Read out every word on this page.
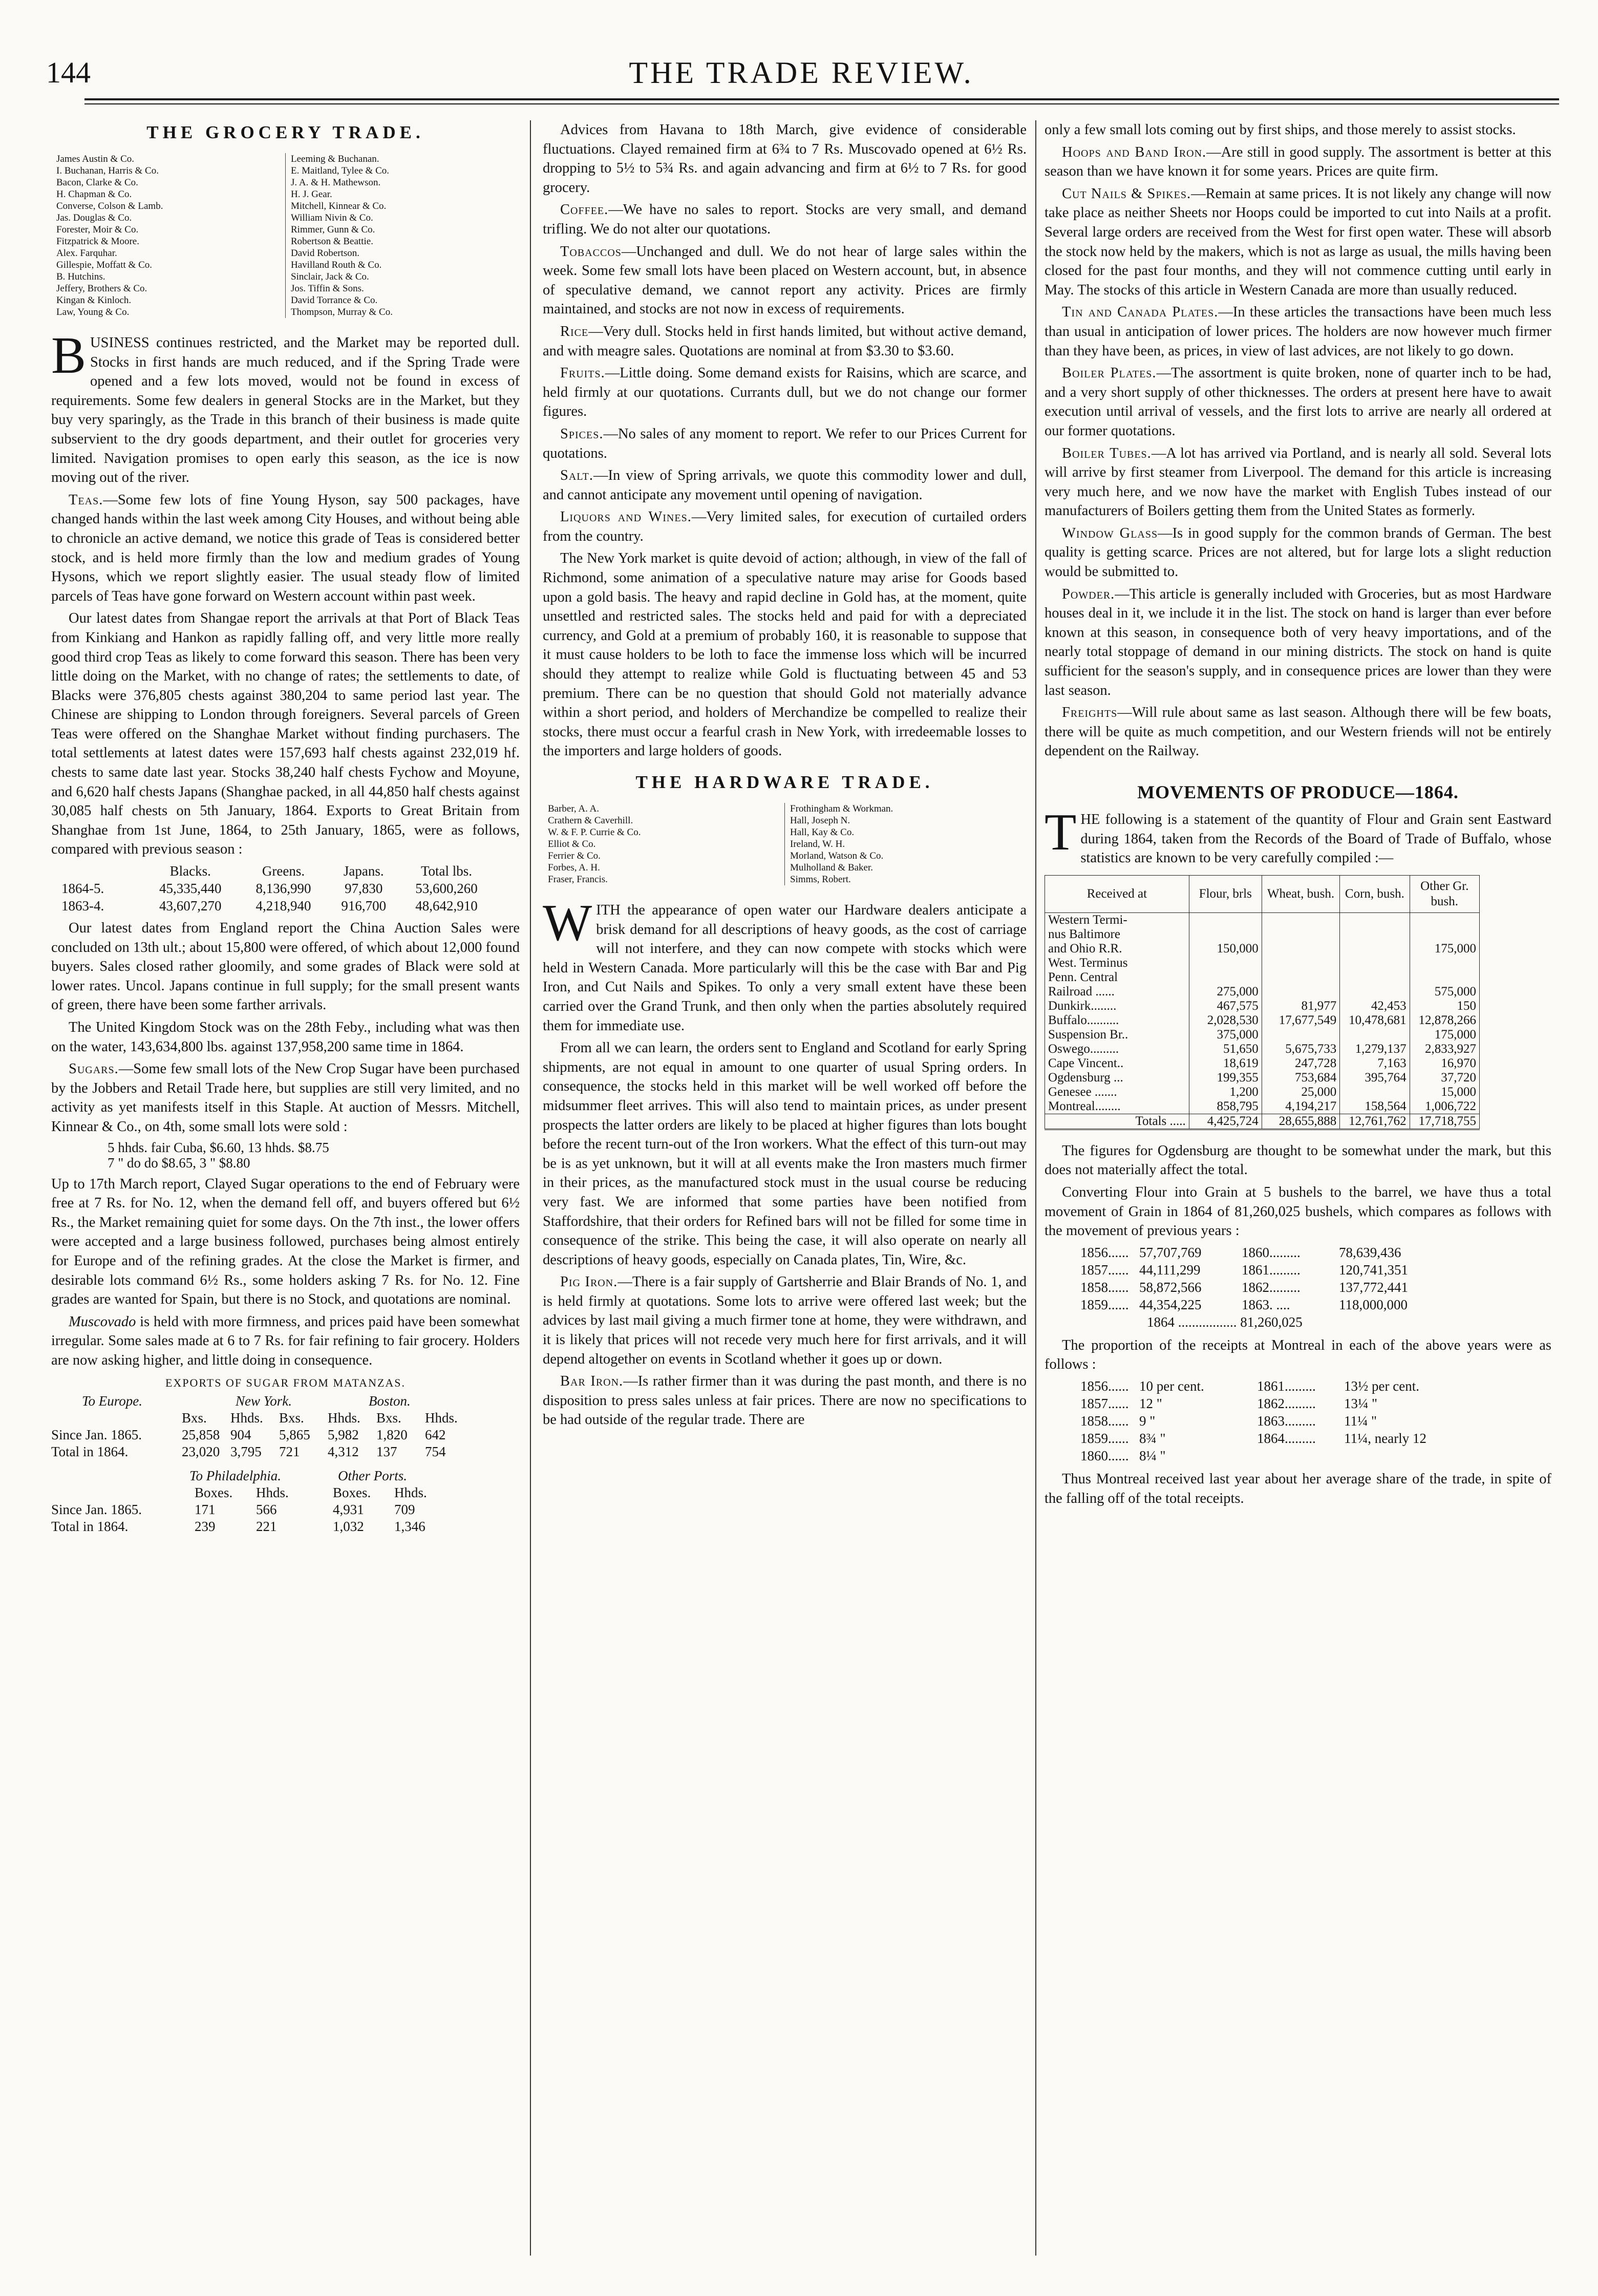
144	THE TRADE REVIEW.
THE GROCERY TRADE.
James Austin & Co.
I. Buchanan, Harris & Co.
Bacon, Clarke & Co.
H. Chapman & Co.
Converse, Colson & Lamb.
Jas. Douglas & Co.
Forester, Moir & Co.
Fitzpatrick & Moore.
Alex. Farquhar.
Gillespie, Moffatt & Co.
B. Hutchins.
Jeffery, Brothers & Co.
Kingan & Kinloch.
Law, Young & Co.
Leeming & Buchanan.
E. Maitland, Tylee & Co.
J. A. & H. Mathewson.
H. J. Gear.
Mitchell, Kinnear & Co.
William Nivin & Co.
Rimmer, Gunn & Co.
Robertson & Beattie.
David Robertson.
Havilland Routh & Co.
Sinclair, Jack & Co.
Jos. Tiffin & Sons.
David Torrance & Co.
Thompson, Murray & Co.

BUSINESS continues restricted, and the Market may be reported dull. Stocks in first hands are much reduced, and if the Spring Trade were opened and a few lots moved, would not be found in excess of requirements. Some few dealers in general Stocks are in the Market, but they buy very sparingly, as the Trade in this branch of their business is made quite subservient to the dry goods department, and their outlet for groceries very limited. Navigation promises to open early this season, as the ice is now moving out of the river.

Teas.—Some few lots of fine Young Hyson, say 500 packages, have changed hands within the last week among City Houses, and without being able to chronicle an active demand, we notice this grade of Teas is considered better stock, and is held more firmly than the low and medium grades of Young Hysons, which we report slightly easier. The usual steady flow of limited parcels of Teas have gone forward on Western account within past week.

Our latest dates from Shangae report the arrivals at that Port of Black Teas from Kinkiang and Hankon as rapidly falling off, and very little more really good third crop Teas as likely to come forward this season. There has been very little doing on the Market, with no change of rates; the settlements to date, of Blacks were 376,805 chests against 380,204 to same period last year. The Chinese are shipping to London through foreigners. Several parcels of Green Teas were offered on the Shanghae Market without finding purchasers. The total settlements at latest dates were 157,693 half chests against 232,019 hf. chests to same date last year. Stocks 38,240 half chests Fychow and Moyune, and 6,620 half chests Japans (Shanghae packed, in all 44,850 half chests against 30,085 half chests on 5th January, 1864. Exports to Great Britain from Shanghae from 1st June, 1864, to 25th January, 1865, were as follows, compared with previous season :

Blacks.	Greens.	Japans.	Total lbs.
1864-5.	45,335,440 8,136,990 97,830 53,600,260
1863-4.	43,607,270 4,218,940 916,700 48,642,910

Our latest dates from England report the China Auction Sales were concluded on 13th ult.; about 15,800 were offered, of which about 12,000 found buyers. Sales closed rather gloomily, and some grades of Black were sold at lower rates. Uncol. Japans continue in full supply; for the small present wants of green, there have been some farther arrivals.

The United Kingdom Stock was on the 28th Feby., including what was then on the water, 143,634,800 lbs. against 137,958,200 same time in 1864.

Sugars.—Some few small lots of the New Crop Sugar have been purchased by the Jobbers and Retail Trade here, but supplies are still very limited, and no activity as yet manifests itself in this Staple. At auction of Messrs. Mitchell, Kinnear & Co., on 4th, some small lots were sold :

5 hhds. fair Cuba, $6.60, 13 hhds. $8.75
7 " do do $8.65, 3 " $8.80

Up to 17th March report, Clayed Sugar operations to the end of February were free at 7 Rs. for No. 12, when the demand fell off, and buyers offered but 6½ Rs., the Market remaining quiet for some days. On the 7th inst., the lower offers were accepted and a large business followed, purchases being almost entirely for Europe and of the refining grades. At the close the Market is firmer, and desirable lots command 6½ Rs., some holders asking 7 Rs. for No. 12. Fine grades are wanted for Spain, but there is no Stock, and quotations are nominal.

Muscovado is held with more firmness, and prices paid have been somewhat irregular. Some sales made at 6 to 7 Rs. for fair refining to fair grocery. Holders are now asking higher, and little doing in consequence.

EXPORTS OF SUGAR FROM MATANZAS.
To Europe.	New York.	Boston.
Bxs.	Hhds.	Bxs.	Hhds.	Bxs.	Hhds.
Since Jan. 1865.	25,858 904	5,865	5,982	1,820	642
Total in 1864.	23,020 3,795	721	4,312	137	754
To Philadelphia.	Other Ports.
Boxes.	Hhds.	Boxes.	Hhds.
Since Jan. 1865.	171	566	4,931	709
Total in 1864.	239	221	1,032	1,346

Advices from Havana to 18th March, give evidence of considerable fluctuations. Clayed remained firm at 6¾ to 7 Rs. Muscovado opened at 6½ Rs. dropping to 5½ to 5¾ Rs. and again advancing and firm at 6½ to 7 Rs. for good grocery.

Coffee.—We have no sales to report. Stocks are very small, and demand trifling. We do not alter our quotations.

Tobaccos—Unchanged and dull. We do not hear of large sales within the week. Some few small lots have been placed on Western account, but, in absence of speculative demand, we cannot report any activity. Prices are firmly maintained, and stocks are not now in excess of requirements.

Rice—Very dull. Stocks held in first hands limited, but without active demand, and with meagre sales. Quotations are nominal at from $3.30 to $3.60.

Fruits.—Little doing. Some demand exists for Raisins, which are scarce, and held firmly at our quotations. Currants dull, but we do not change our former figures.

Spices.—No sales of any moment to report. We refer to our Prices Current for quotations.

Salt.—In view of Spring arrivals, we quote this commodity lower and dull, and cannot anticipate any movement until opening of navigation.

Liquors and Wines.—Very limited sales, for execution of curtailed orders from the country.

The New York market is quite devoid of action; although, in view of the fall of Richmond, some animation of a speculative nature may arise for Goods based upon a gold basis. The heavy and rapid decline in Gold has, at the moment, quite unsettled and restricted sales. The stocks held and paid for with a depreciated currency, and Gold at a premium of probably 160, it is reasonable to suppose that it must cause holders to be loth to face the immense loss which will be incurred should they attempt to realize while Gold is fluctuating between 45 and 53 premium. There can be no question that should Gold not materially advance within a short period, and holders of Merchandize be compelled to realize their stocks, there must occur a fearful crash in New York, with irredeemable losses to the importers and large holders of goods.

THE HARDWARE TRADE.
Barber, A. A.
Crathern & Caverhill.
W. & F. P. Currie & Co.
Elliot & Co.
Ferrier & Co.
Forbes, A. H.
Fraser, Francis.
Frothingham & Workman.
Hall, Joseph N.
Hall, Kay & Co.
Ireland, W. H.
Morland, Watson & Co.
Mulholland & Baker.
Simms, Robert.

WITH the appearance of open water our Hardware dealers anticipate a brisk demand for all descriptions of heavy goods, as the cost of carriage will not interfere, and they can now compete with stocks which were held in Western Canada. More particularly will this be the case with Bar and Pig Iron, and Cut Nails and Spikes. To only a very small extent have these been carried over the Grand Trunk, and then only when the parties absolutely required them for immediate use.

From all we can learn, the orders sent to England and Scotland for early Spring shipments, are not equal in amount to one quarter of usual Spring orders. In consequence, the stocks held in this market will be well worked off before the midsummer fleet arrives. This will also tend to maintain prices, as under present prospects the latter orders are likely to be placed at higher figures than lots bought before the recent turn-out of the Iron workers. What the effect of this turn-out may be is as yet unknown, but it will at all events make the Iron masters much firmer in their prices, as the manufactured stock must in the usual course be reducing very fast. We are informed that some parties have been notified from Staffordshire, that their orders for Refined bars will not be filled for some time in consequence of the strike. This being the case, it will also operate on nearly all descriptions of heavy goods, especially on Canada plates, Tin, Wire, &c.

Pig Iron.—There is a fair supply of Gartsherrie and Blair Brands of No. 1, and is held firmly at quotations. Some lots to arrive were offered last week; but the advices by last mail giving a much firmer tone at home, they were withdrawn, and it is likely that prices will not recede very much here for first arrivals, and it will depend altogether on events in Scotland whether it goes up or down.

Bar Iron.—Is rather firmer than it was during the past month, and there is no disposition to press sales unless at fair prices. There are now no specifications to be had outside of the regular trade. There are

only a few small lots coming out by first ships, and those merely to assist stocks.

Hoops and Band Iron.—Are still in good supply. The assortment is better at this season than we have known it for some years. Prices are quite firm.

Cut Nails & Spikes.—Remain at same prices. It is not likely any change will now take place as neither Sheets nor Hoops could be imported to cut into Nails at a profit. Several large orders are received from the West for first open water. These will absorb the stock now held by the makers, which is not as large as usual, the mills having been closed for the past four months, and they will not commence cutting until early in May. The stocks of this article in Western Canada are more than usually reduced.

Tin and Canada Plates.—In these articles the transactions have been much less than usual in anticipation of lower prices. The holders are now however much firmer than they have been, as prices, in view of last advices, are not likely to go down.

Boiler Plates.—The assortment is quite broken, none of quarter inch to be had, and a very short supply of other thicknesses. The orders at present here have to await execution until arrival of vessels, and the first lots to arrive are nearly all ordered at our former quotations.

Boiler Tubes.—A lot has arrived via Portland, and is nearly all sold. Several lots will arrive by first steamer from Liverpool. The demand for this article is increasing very much here, and we now have the market with English Tubes instead of our manufacturers of Boilers getting them from the United States as formerly.

Window Glass—Is in good supply for the common brands of German. The best quality is getting scarce. Prices are not altered, but for large lots a slight reduction would be submitted to.

Powder.—This article is generally included with Groceries, but as most Hardware houses deal in it, we include it in the list. The stock on hand is larger than ever before known at this season, in consequence both of very heavy importations, and of the nearly total stoppage of demand in our mining districts. The stock on hand is quite sufficient for the season's supply, and in consequence prices are lower than they were last season.

Freights—Will rule about same as last season. Although there will be few boats, there will be quite as much competition, and our Western friends will not be entirely dependent on the Railway.

MOVEMENTS OF PRODUCE—1864.

THE following is a statement of the quantity of Flour and Grain sent Eastward during 1864, taken from the Records of the Board of Trade of Buffalo, whose statistics are known to be very carefully compiled :—

Received at	Flour, brls	Wheat, bush.	Corn, bush.	Other Gr. bush.
Western Termi-				
nus Baltimore				
and Ohio R.R.	150,000			175,000
West. Terminus				
Penn. Central				
Railroad ......	275,000			575,000
Dunkirk........	467,575	81,977	42,453	150
Buffalo..........	2,028,530	17,677,549	10,478,681	12,878,266
Suspension Br..	375,000			175,000
Oswego.........	51,650	5,675,733	1,279,137	2,833,927
Cape Vincent..	18,619	247,728	7,163	16,970
Ogdensburg ...	199,355	753,684	395,764	37,720
Genesee .......	1,200	25,000		15,000
Montreal........	858,795	4,194,217	158,564	1,006,722
Totals .....	4,425,724	28,655,888	12,761,762	17,718,755

The figures for Ogdensburg are thought to be somewhat under the mark, but this does not materially affect the total.

Converting Flour into Grain at 5 bushels to the barrel, we have thus a total movement of Grain in 1864 of 81,260,025 bushels, which compares as follows with the movement of previous years :

1856...... 57,707,769	1860.........	78,639,436
1857...... 44,111,299	1861.........	120,741,351
1858...... 58,872,566	1862.........	137,772,441
1859...... 44,354,225	1863. ....	118,000,000
1864 ................. 81,260,025

The proportion of the receipts at Montreal in each of the above years were as follows :

1856...... 10 per cent.	1861......... 13½ per cent.
1857...... 12 "	1862......... 13¼ "
1858...... 9 "	1863......... 11¼ "
1859...... 8¾ "	1864......... 11¼, nearly 12
1860...... 8¼ "

Thus Montreal received last year about her average share of the trade, in spite of the falling off of the total receipts.
